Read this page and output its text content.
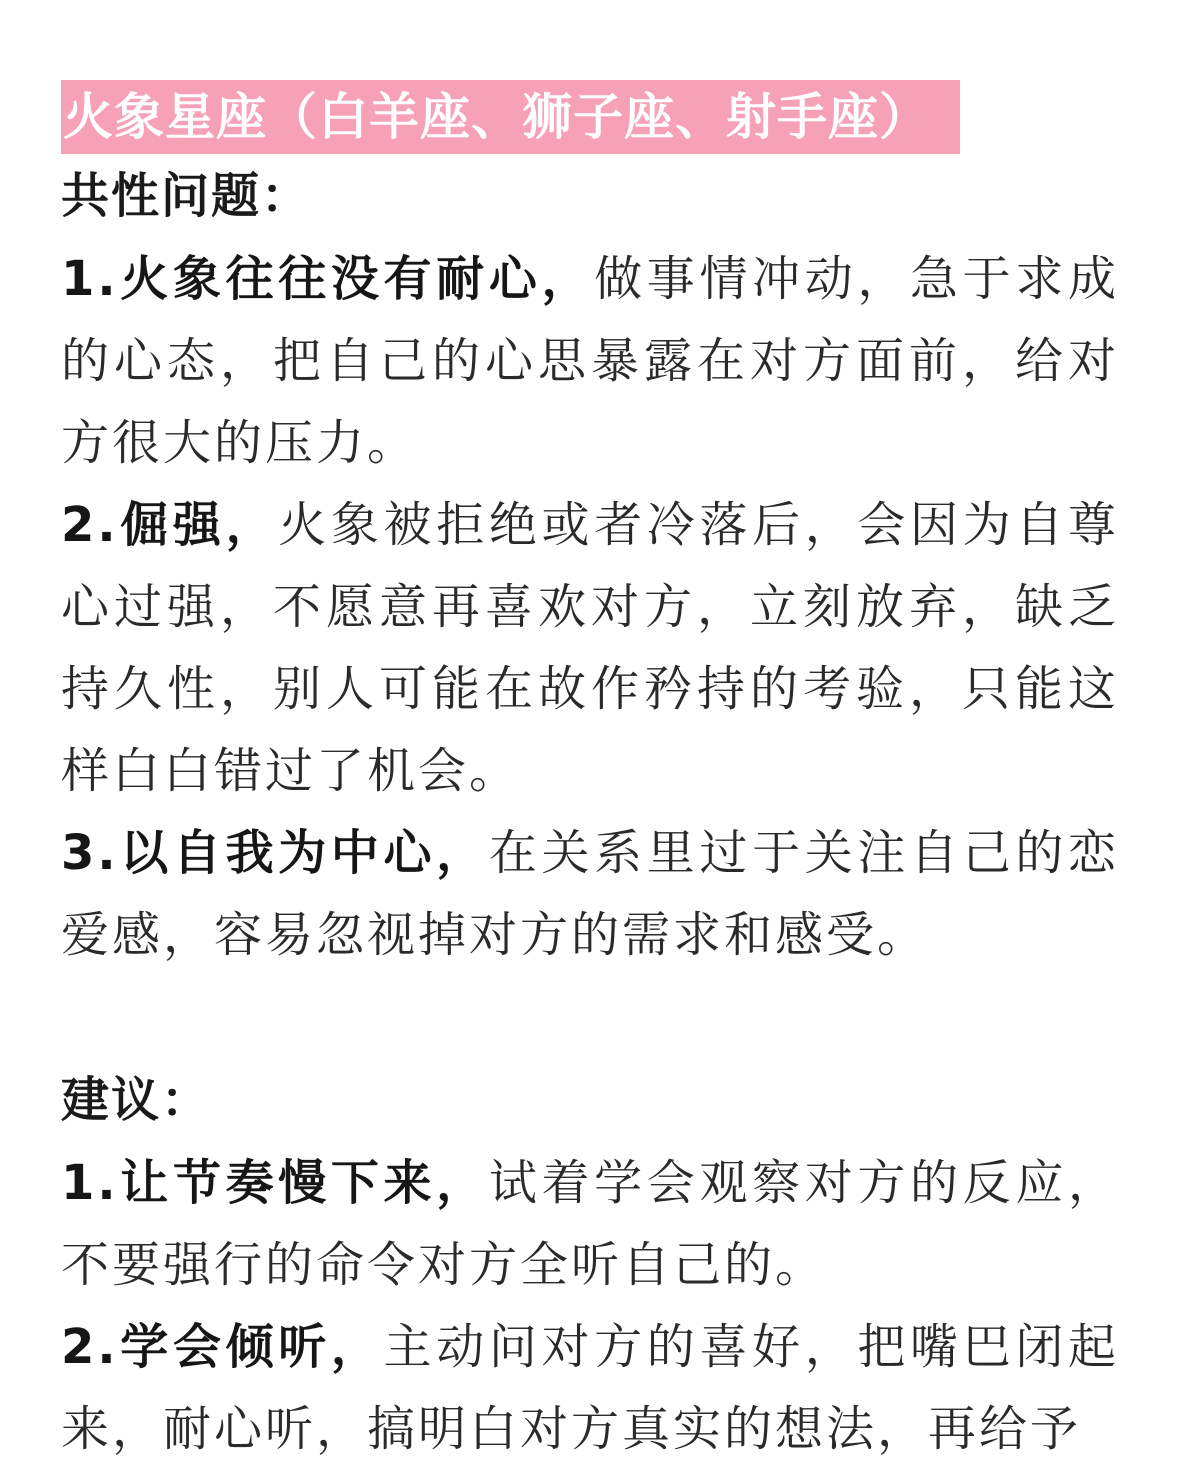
火象星座（白羊座、狮子座、射手座）
共性问题：

1.火象往往没有耐心，做事情冲动，急于求成的心态，把自己的心思暴露在对方面前，给对方很大的压力。

2.倔强，火象被拒绝或者冷落后，会因为自尊心过强，不愿意再喜欢对方，立刻放弃，缺乏持久性，别人可能在故作矜持的考验，只能这样白白错过了机会。

3.以自我为中心，在关系里过于关注自己的恋爱感，容易忽视掉对方的需求和感受。

建议：

1.让节奏慢下来，试着学会观察对方的反应，不要强行的命令对方全听自己的。

2.学会倾听，主动问对方的喜好，把嘴巴闭起来，耐心听，搞明白对方真实的想法，再给予
